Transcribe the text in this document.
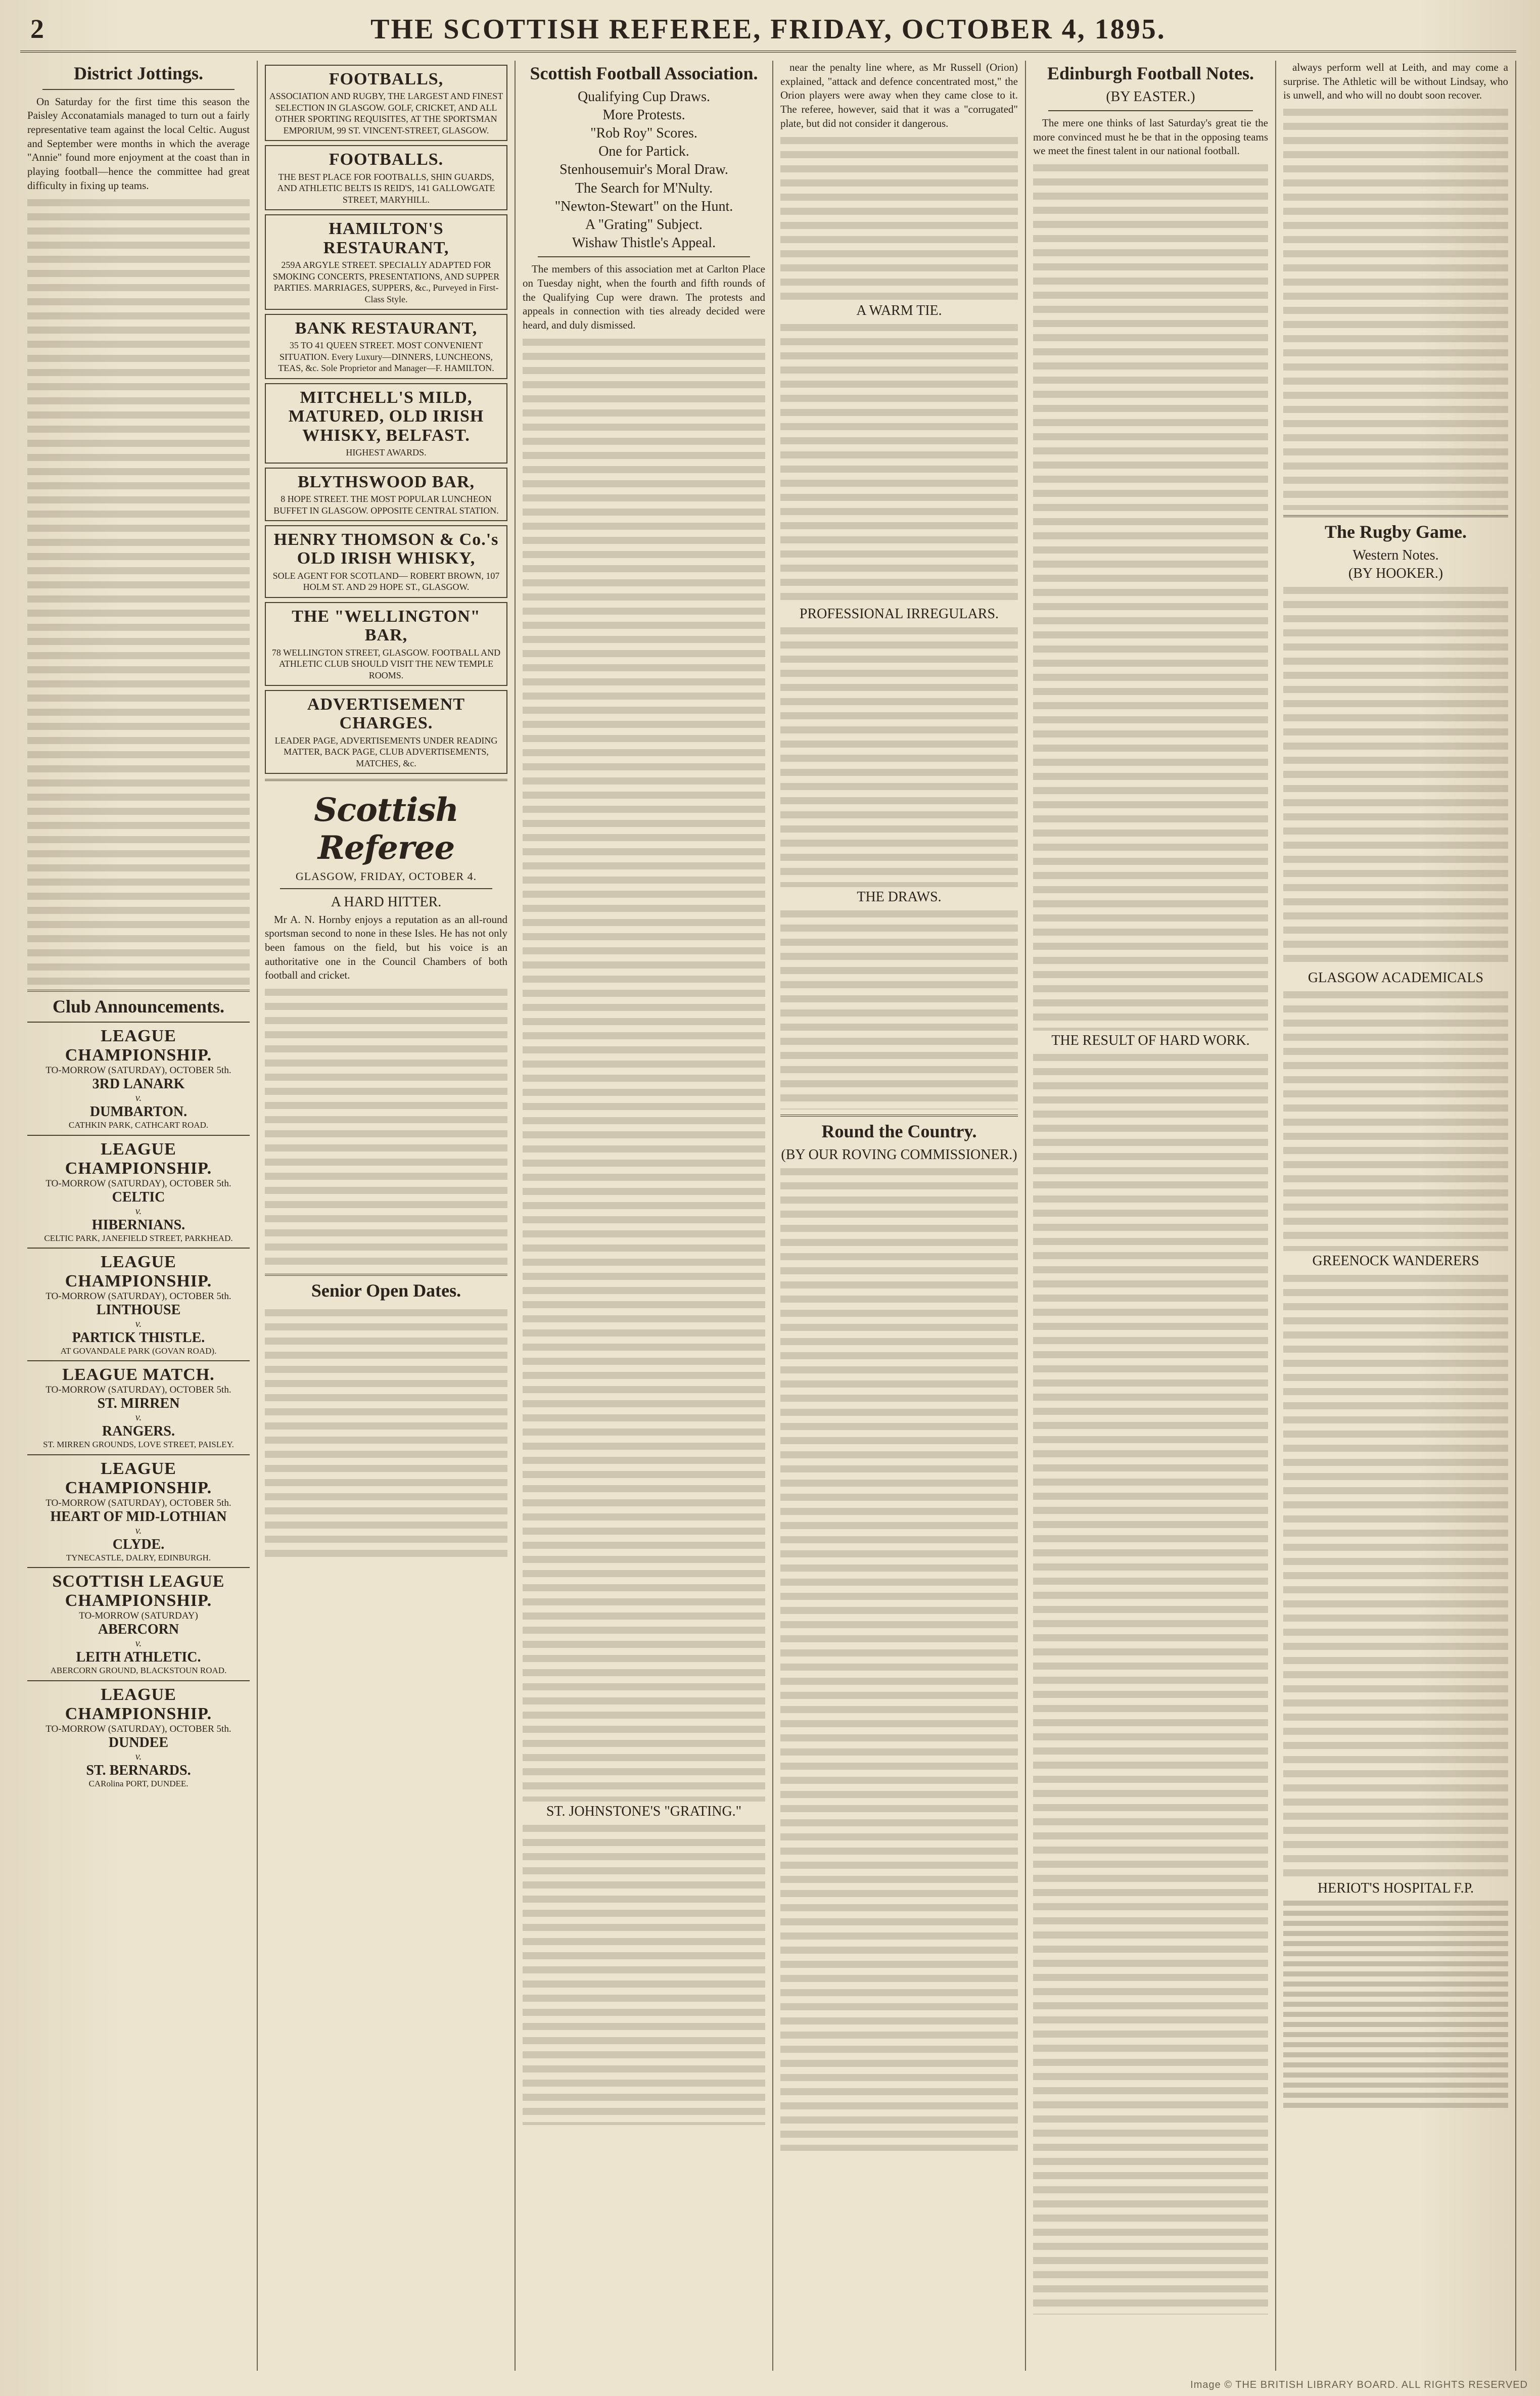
2	THE SCOTTISH REFEREE, FRIDAY, OCTOBER 4, 1895.
District Jottings.

On Saturday for the first time this season the Paisley Acconatamials managed to turn out a fairly representative team against the local Celtic. August and September were months in which the average "Annie" found more enjoyment at the coast than in playing football—hence the committee had great difficulty in fixing up teams.

Club Announcements.
LEAGUE CHAMPIONSHIP.
TO-MORROW (SATURDAY), OCTOBER 5th.
3RD LANARK
v.
DUMBARTON.
CATHKIN PARK, CATHCART ROAD.
LEAGUE CHAMPIONSHIP.
TO-MORROW (SATURDAY), OCTOBER 5th.
CELTIC
v.
HIBERNIANS.
CELTIC PARK, JANEFIELD STREET, PARKHEAD.
LEAGUE CHAMPIONSHIP.
TO-MORROW (SATURDAY), OCTOBER 5th.
LINTHOUSE
v.
PARTICK THISTLE.
AT GOVANDALE PARK (GOVAN ROAD).
LEAGUE MATCH.
TO-MORROW (SATURDAY), OCTOBER 5th.
ST. MIRREN
v.
RANGERS.
ST. MIRREN GROUNDS, LOVE STREET, PAISLEY.
LEAGUE CHAMPIONSHIP.
TO-MORROW (SATURDAY), OCTOBER 5th.
HEART OF MID-LOTHIAN
v.
CLYDE.
TYNECASTLE, DALRY, EDINBURGH.
SCOTTISH LEAGUE CHAMPIONSHIP.
TO-MORROW (SATURDAY)
ABERCORN
v.
LEITH ATHLETIC.
ABERCORN GROUND, BLACKSTOUN ROAD.
LEAGUE CHAMPIONSHIP.
TO-MORROW (SATURDAY), OCTOBER 5th.
DUNDEE
v.
ST. BERNARDS.
CARolina PORT, DUNDEE.
FOOTBALLS,
ASSOCIATION AND RUGBY, THE LARGEST AND FINEST SELECTION IN GLASGOW. GOLF, CRICKET, AND ALL OTHER SPORTING REQUISITES, AT THE SPORTSMAN EMPORIUM, 99 ST. VINCENT-STREET, GLASGOW.
FOOTBALLS.
THE BEST PLACE FOR FOOTBALLS, SHIN GUARDS, AND ATHLETIC BELTS IS REID'S, 141 GALLOWGATE STREET, MARYHILL.
HAMILTON'S RESTAURANT,
259A ARGYLE STREET. SPECIALLY ADAPTED FOR SMOKING CONCERTS, PRESENTATIONS, AND SUPPER PARTIES. MARRIAGES, SUPPERS, &c., Purveyed in First-Class Style.
BANK RESTAURANT,
35 TO 41 QUEEN STREET. MOST CONVENIENT SITUATION. Every Luxury—DINNERS, LUNCHEONS, TEAS, &c. Sole Proprietor and Manager—F. HAMILTON.
MITCHELL'S MILD, MATURED, OLD IRISH WHISKY, BELFAST.
HIGHEST AWARDS.
BLYTHSWOOD BAR,
8 HOPE STREET. THE MOST POPULAR LUNCHEON BUFFET IN GLASGOW. OPPOSITE CENTRAL STATION.
HENRY THOMSON & Co.'s OLD IRISH WHISKY,
SOLE AGENT FOR SCOTLAND— ROBERT BROWN, 107 HOLM ST. AND 29 HOPE ST., GLASGOW.
THE "WELLINGTON" BAR,
78 WELLINGTON STREET, GLASGOW. FOOTBALL AND ATHLETIC CLUB SHOULD VISIT THE NEW TEMPLE ROOMS.
ADVERTISEMENT CHARGES.
LEADER PAGE, ADVERTISEMENTS UNDER READING MATTER, BACK PAGE, CLUB ADVERTISEMENTS, MATCHES, &c.
Scottish Referee
GLASGOW, FRIDAY, OCTOBER 4.
A HARD HITTER.

Mr A. N. Hornby enjoys a reputation as an all-round sportsman second to none in these Isles. He has not only been famous on the field, but his voice is an authoritative one in the Council Chambers of both football and cricket.

Senior Open Dates.
Scottish Football Association.
Qualifying Cup Draws.
More Protests.
"Rob Roy" Scores.
One for Partick.
Stenhousemuir's Moral Draw.
The Search for M'Nulty.
"Newton-Stewart" on the Hunt.
A "Grating" Subject.
Wishaw Thistle's Appeal.

The members of this association met at Carlton Place on Tuesday night, when the fourth and fifth rounds of the Qualifying Cup were drawn. The protests and appeals in connection with ties already decided were heard, and duly dismissed.

ST. JOHNSTONE'S "GRATING."

near the penalty line where, as Mr Russell (Orion) explained, "attack and defence concentrated most," the Orion players were away when they came close to it. The referee, however, said that it was a "corrugated" plate, but did not consider it dangerous.

A WARM TIE.
PROFESSIONAL IRREGULARS.
THE DRAWS.
Round the Country.
(BY OUR ROVING COMMISSIONER.)
Edinburgh Football Notes.
(BY EASTER.)

The mere one thinks of last Saturday's great tie the more convinced must he be that in the opposing teams we meet the finest talent in our national football.

THE RESULT OF HARD WORK.

always perform well at Leith, and may come a surprise. The Athletic will be without Lindsay, who is unwell, and who will no doubt soon recover.

The Rugby Game.
Western Notes.
(BY HOOKER.)
GLASGOW ACADEMICALS
GREENOCK WANDERERS
HERIOT'S HOSPITAL F.P.
Image © THE BRITISH LIBRARY BOARD. ALL RIGHTS RESERVED
